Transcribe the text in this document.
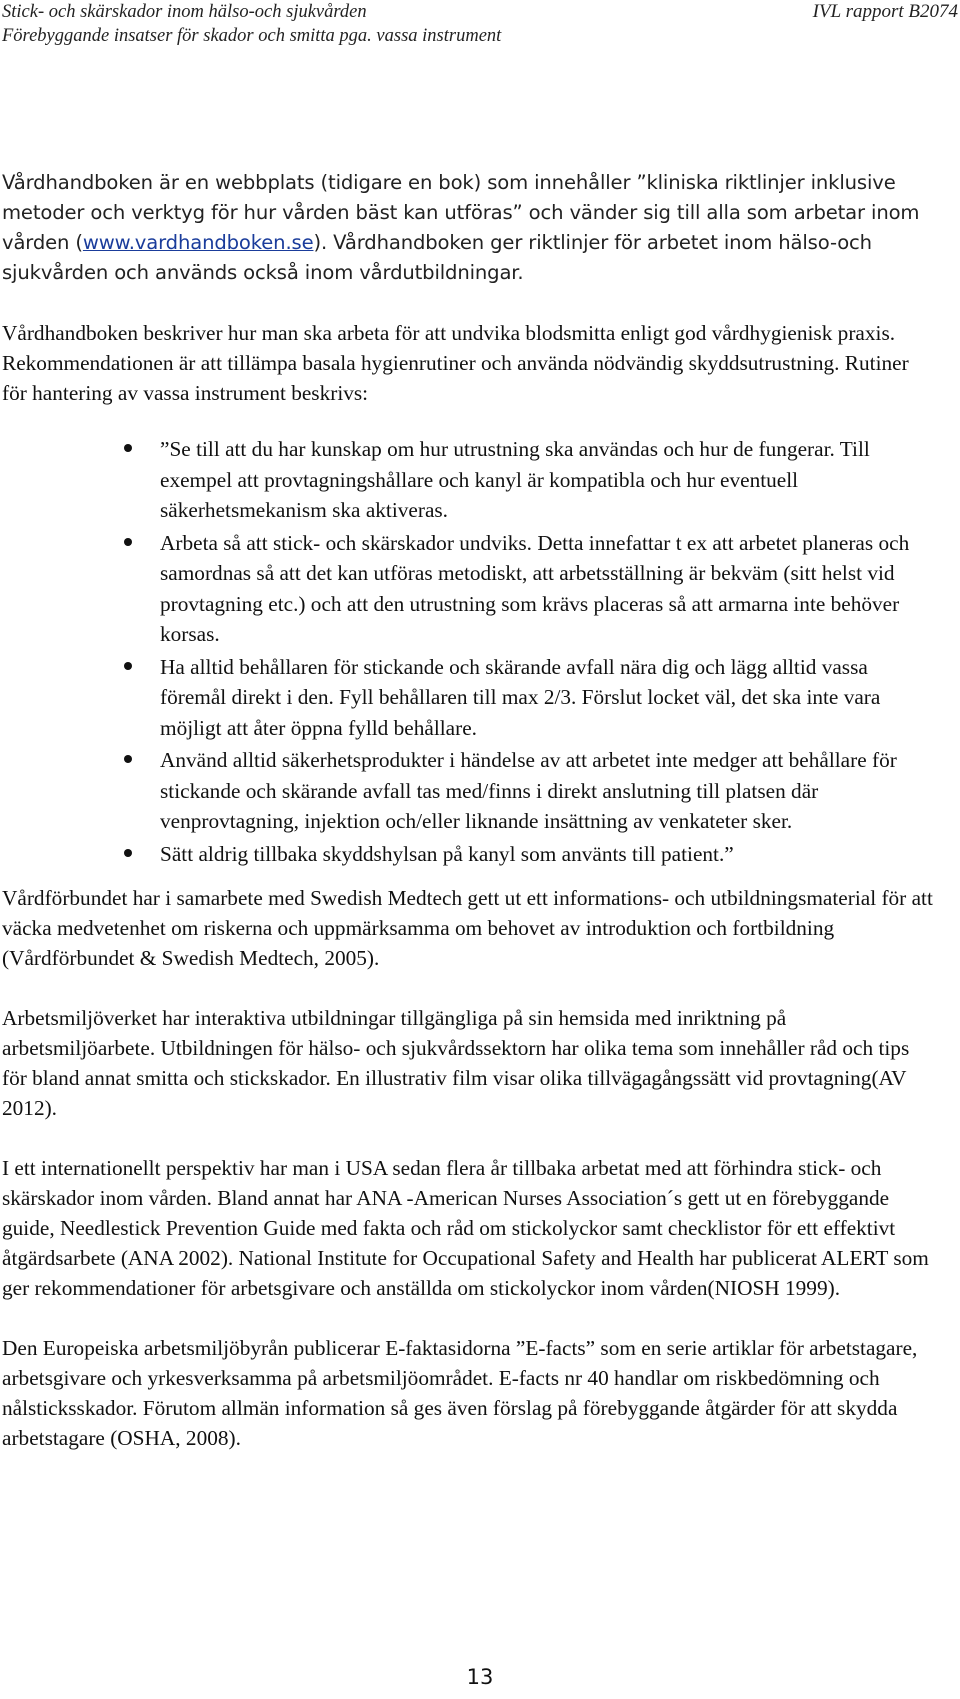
Stick- och skärskador inom hälso-och sjukvården
Förebyggande insatser för skador och smitta pga. vassa instrument
IVL rapport B2074

Vårdhandboken är en webbplats (tidigare en bok) som innehåller ”kliniska riktlinjer inklusive metoder och verktyg för hur vården bäst kan utföras” och vänder sig till alla som arbetar inom vården (www.vardhandboken.se). Vårdhandboken ger riktlinjer för arbetet inom hälso-och sjukvården och används också inom vårdutbildningar.

Vårdhandboken beskriver hur man ska arbeta för att undvika blodsmitta enligt god vårdhygienisk praxis. Rekommendationen är att tillämpa basala hygienrutiner och använda nödvändig skyddsutrustning. Rutiner för hantering av vassa instrument beskrivs:

”Se till att du har kunskap om hur utrustning ska användas och hur de fungerar. Till exempel att provtagningshållare och kanyl är kompatibla och hur eventuell säkerhetsmekanism ska aktiveras.
Arbeta så att stick- och skärskador undviks. Detta innefattar t ex att arbetet planeras och samordnas så att det kan utföras metodiskt, att arbetsställning är bekväm (sitt helst vid provtagning etc.) och att den utrustning som krävs placeras så att armarna inte behöver korsas.
Ha alltid behållaren för stickande och skärande avfall nära dig och lägg alltid vassa föremål direkt i den. Fyll behållaren till max 2/3. Förslut locket väl, det ska inte vara möjligt att åter öppna fylld behållare.
Använd alltid säkerhetsprodukter i händelse av att arbetet inte medger att behållare för stickande och skärande avfall tas med/finns i direkt anslutning till platsen där venprovtagning, injektion och/eller liknande insättning av venkateter sker.
Sätt aldrig tillbaka skyddshylsan på kanyl som använts till patient.”

Vårdförbundet har i samarbete med Swedish Medtech gett ut ett informations- och utbildningsmaterial för att väcka medvetenhet om riskerna och uppmärksamma om behovet av introduktion och fortbildning (Vårdförbundet & Swedish Medtech, 2005).

Arbetsmiljöverket har interaktiva utbildningar tillgängliga på sin hemsida med inriktning på arbetsmiljöarbete. Utbildningen för hälso- och sjukvårdssektorn har olika tema som innehåller råd och tips för bland annat smitta och stickskador. En illustrativ film visar olika tillvägagångssätt vid provtagning(AV 2012).

I ett internationellt perspektiv har man i USA sedan flera år tillbaka arbetat med att förhindra stick- och skärskador inom vården. Bland annat har ANA -American Nurses Association´s gett ut en förebyggande guide, Needlestick Prevention Guide med fakta och råd om stickolyckor samt checklistor för ett effektivt åtgärdsarbete (ANA 2002). National Institute for Occupational Safety and Health har publicerat ALERT som ger rekommendationer för arbetsgivare och anställda om stickolyckor inom vården(NIOSH 1999).

Den Europeiska arbetsmiljöbyrån publicerar E-faktasidorna ”E-facts” som en serie artiklar för arbetstagare, arbetsgivare och yrkesverksamma på arbetsmiljöområdet. E-facts nr 40 handlar om riskbedömning och nålsticksskador. Förutom allmän information så ges även förslag på förebyggande åtgärder för att skydda arbetstagare (OSHA, 2008).

13
